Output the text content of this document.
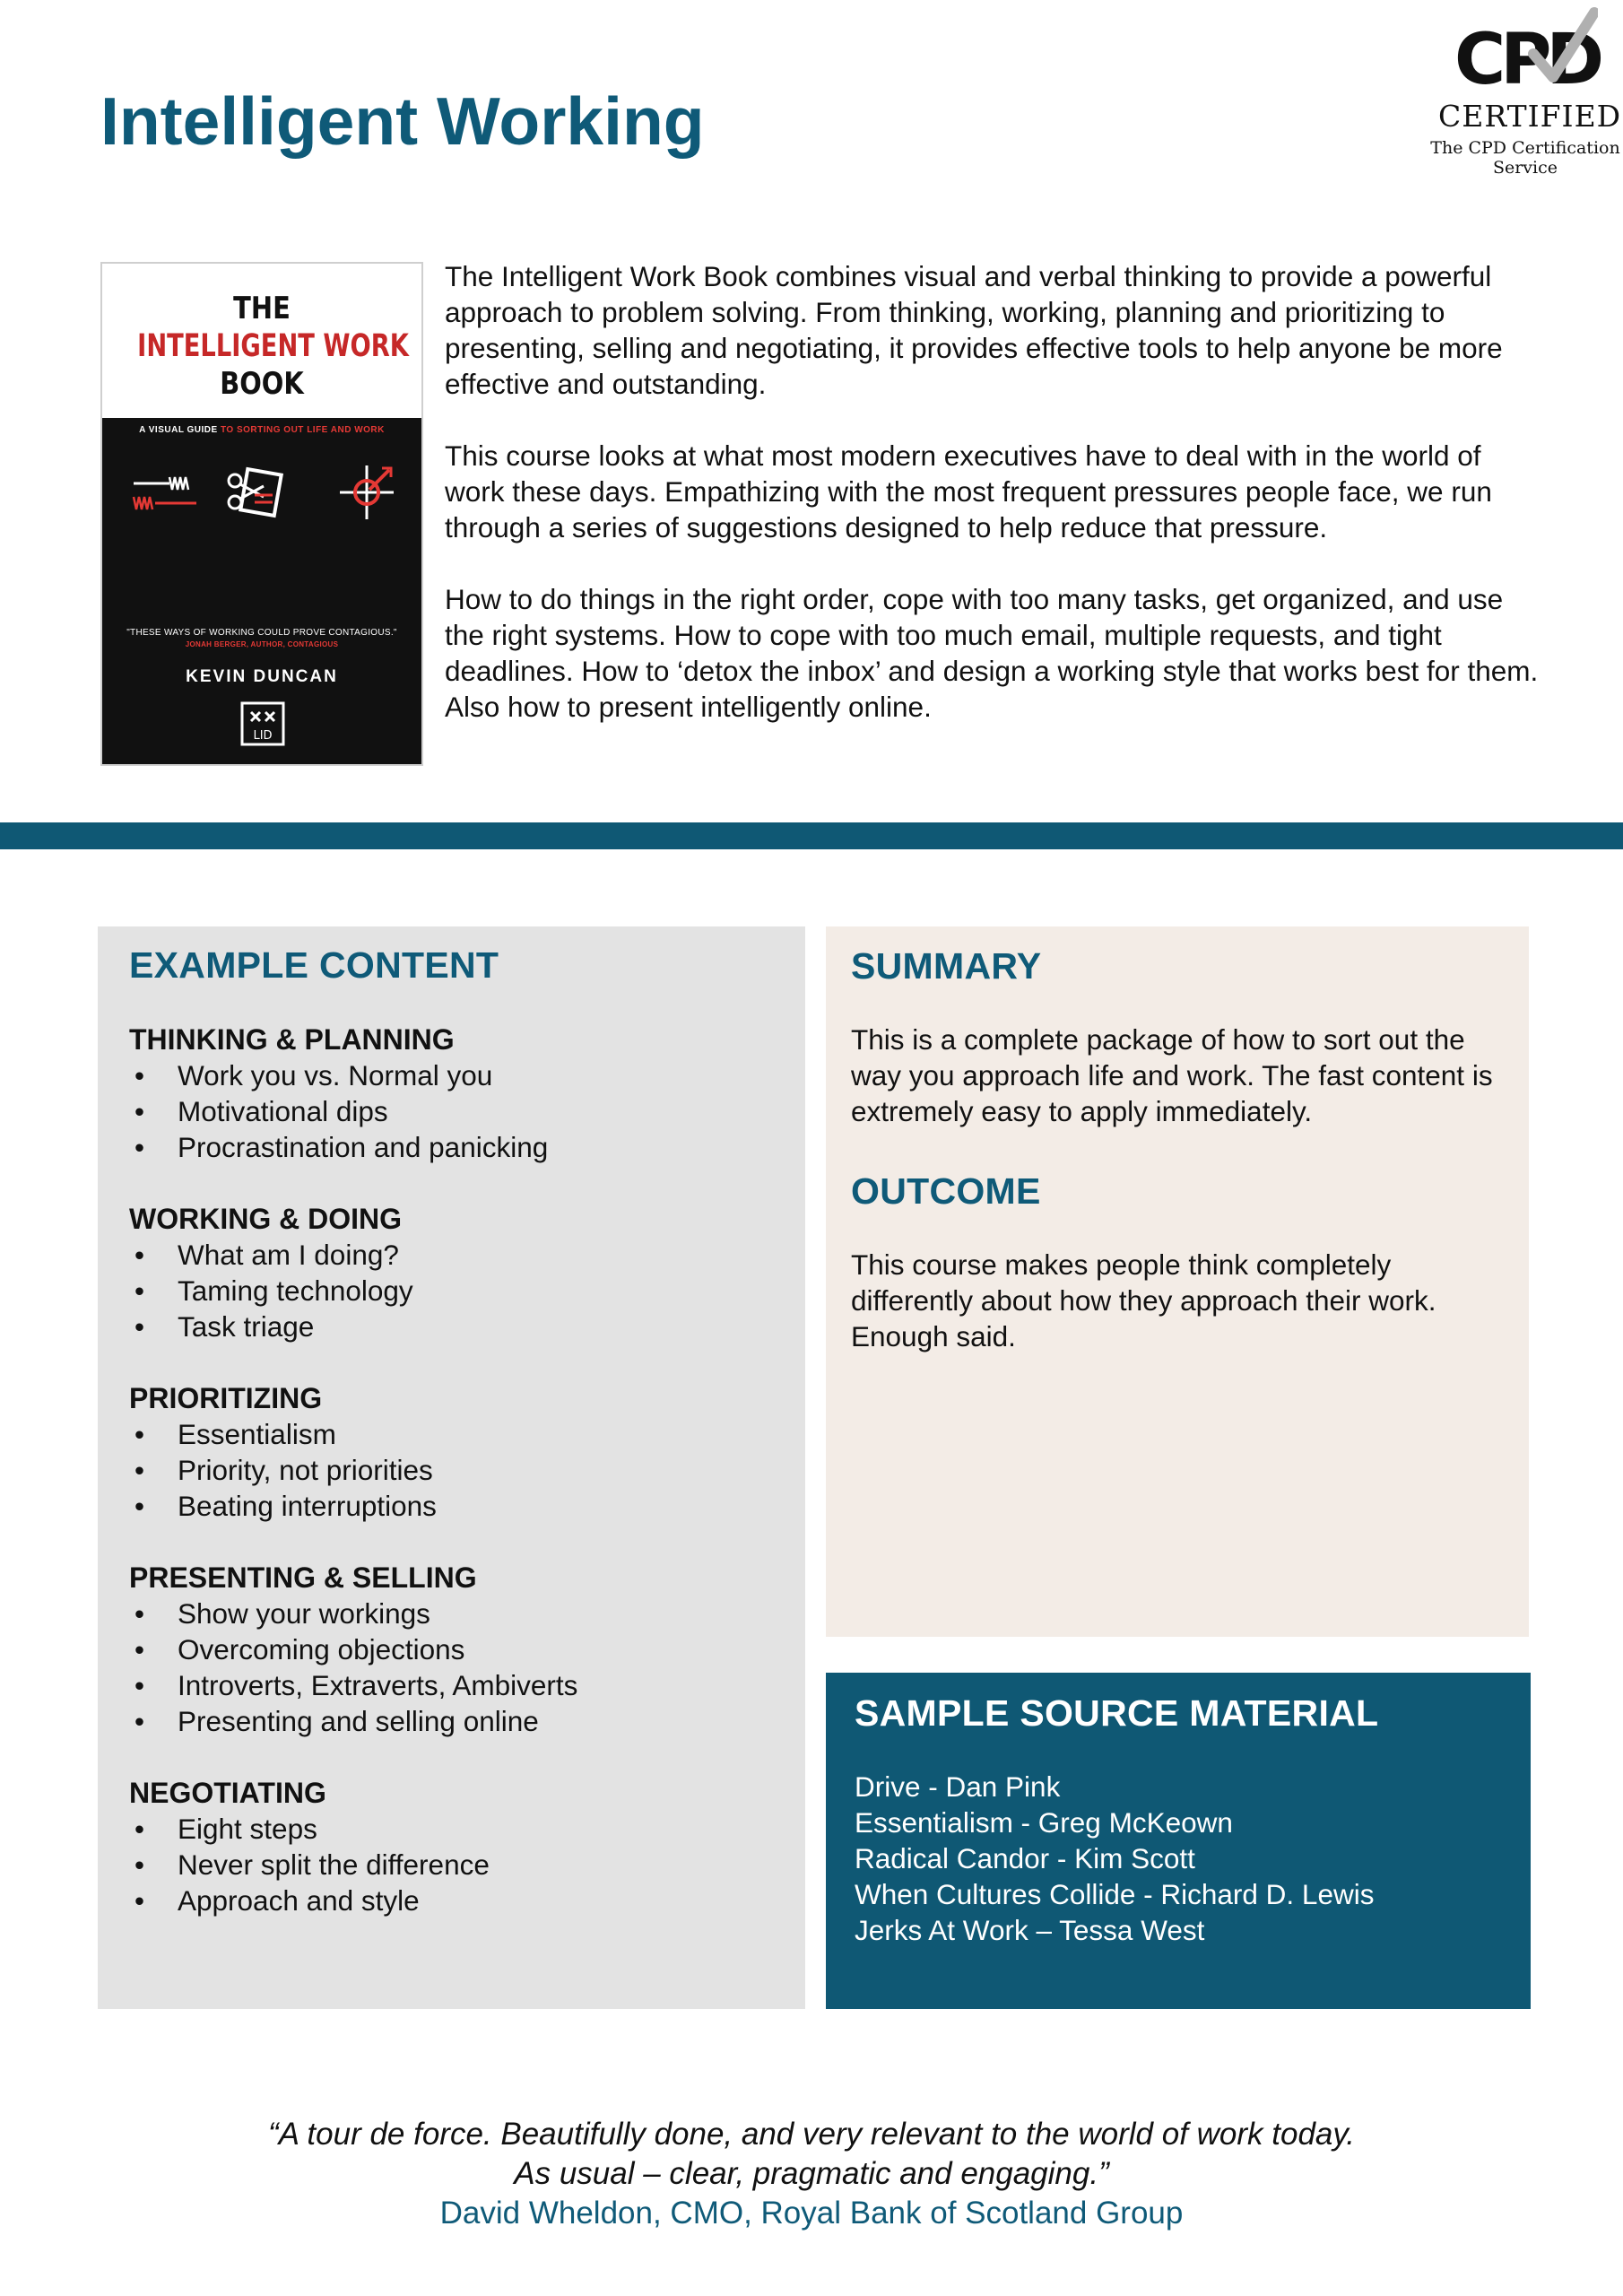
Intelligent Working
CPD
CERTIFIED
The CPD Certification
Service
THE
INTELLIGENT WORK
BOOK
A VISUAL GUIDE TO SORTING OUT LIFE AND WORK
"THESE WAYS OF WORKING COULD PROVE CONTAGIOUS."
JONAH BERGER, AUTHOR, CONTAGIOUS
KEVIN DUNCAN
LID

The Intelligent Work Book combines visual and verbal thinking to provide a powerful approach to problem solving. From thinking, working, planning and prioritizing to presenting, selling and negotiating, it provides effective tools to help anyone be more effective and outstanding.

This course looks at what most modern executives have to deal with in the world of work these days. Empathizing with the most frequent pressures people face, we run through a series of suggestions designed to help reduce that pressure.

How to do things in the right order, cope with too many tasks, get organized, and use the right systems. How to cope with too much email, multiple requests, and tight deadlines. How to ‘detox the inbox’ and design a working style that works best for them. Also how to present intelligently online.

EXAMPLE CONTENT
THINKING & PLANNING
• Work you vs. Normal you
• Motivational dips
• Procrastination and panicking
WORKING & DOING
• What am I doing?
• Taming technology
• Task triage
PRIORITIZING
• Essentialism
• Priority, not priorities
• Beating interruptions
PRESENTING & SELLING
• Show your workings
• Overcoming objections
• Introverts, Extraverts, Ambiverts
• Presenting and selling online
NEGOTIATING
• Eight steps
• Never split the difference
• Approach and style
SUMMARY

This is a complete package of how to sort out the way you approach life and work. The fast content is extremely easy to apply immediately.

OUTCOME

This course makes people think completely differently about how they approach their work. Enough said.

SAMPLE SOURCE MATERIAL
Drive - Dan Pink
Essentialism - Greg McKeown
Radical Candor - Kim Scott
When Cultures Collide - Richard D. Lewis
Jerks At Work – Tessa West

“A tour de force. Beautifully done, and very relevant to the world of work today.

As usual – clear, pragmatic and engaging.”

David Wheldon, CMO, Royal Bank of Scotland Group
